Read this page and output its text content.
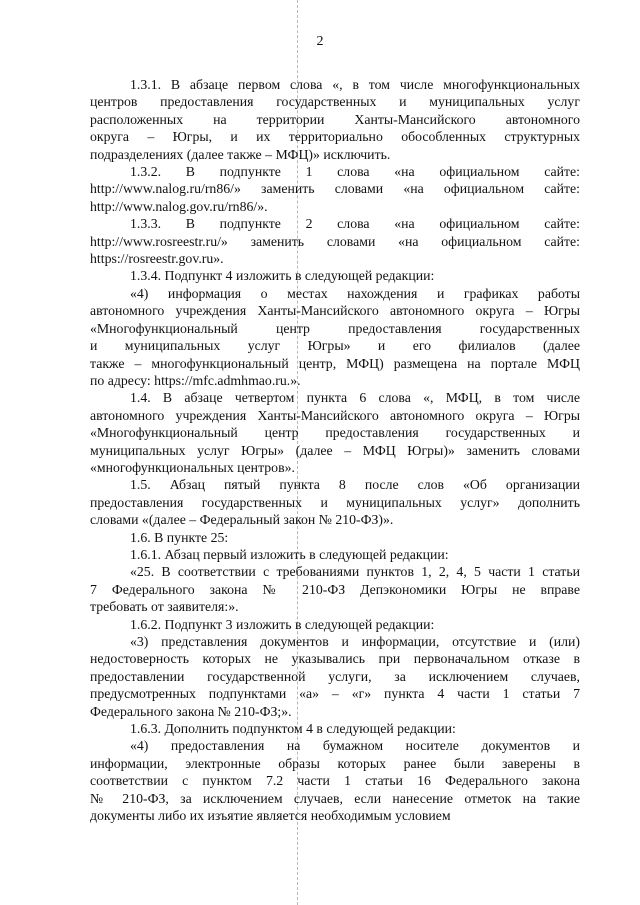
2

1.3.1. В абзаце первом слова «, в том числе многофункциональных

центров предоставления государственных и муниципальных услуг

расположенных на территории Ханты-Мансийского автономного

округа – Югры, и их территориально обособленных структурных

подразделениях (далее также – МФЦ)» исключить.

1.3.2. В подпункте 1 слова «на официальном сайте:

http://www.nalog.ru/rn86/» заменить словами «на официальном сайте:

http://www.nalog.gov.ru/rn86/».

1.3.3. В подпункте 2 слова «на официальном сайте:

http://www.rosreestr.ru/» заменить словами «на официальном сайте:

https://rosreestr.gov.ru».

1.3.4. Подпункт 4 изложить в следующей редакции:

«4) информация о местах нахождения и графиках работы

автономного учреждения Ханты-Мансийского автономного округа – Югры

«Многофункциональный центр предоставления государственных

и муниципальных услуг Югры» и его филиалов (далее

также – многофункциональный центр, МФЦ) размещена на портале МФЦ

по адресу: https://mfc.admhmao.ru.».

1.4. В абзаце четвертом пункта 6 слова «, МФЦ, в том числе

автономного учреждения Ханты-Мансийского автономного округа – Югры

«Многофункциональный центр предоставления государственных и

муниципальных услуг Югры» (далее – МФЦ Югры)» заменить словами

«многофункциональных центров».

1.5. Абзац пятый пункта 8 после слов «Об организации

предоставления государственных и муниципальных услуг» дополнить

словами «(далее – Федеральный закон № 210-ФЗ)».

1.6. В пункте 25:

1.6.1. Абзац первый изложить в следующей редакции:

«25. В соответствии с требованиями пунктов 1, 2, 4, 5 части 1 статьи

7 Федерального закона № 210-ФЗ Депэкономики Югры не вправе

требовать от заявителя:».

1.6.2. Подпункт 3 изложить в следующей редакции:

«3) представления документов и информации, отсутствие и (или)

недостоверность которых не указывались при первоначальном отказе в

предоставлении государственной услуги, за исключением случаев,

предусмотренных подпунктами «а» – «г» пункта 4 части 1 статьи 7

Федерального закона № 210-ФЗ;».

1.6.3. Дополнить подпунктом 4 в следующей редакции:

«4) предоставления на бумажном носителе документов и

информации, электронные образы которых ранее были заверены в

соответствии с пунктом 7.2 части 1 статьи 16 Федерального закона

№ 210-ФЗ, за исключением случаев, если нанесение отметок на такие

документы либо их изъятие является необходимым условием
